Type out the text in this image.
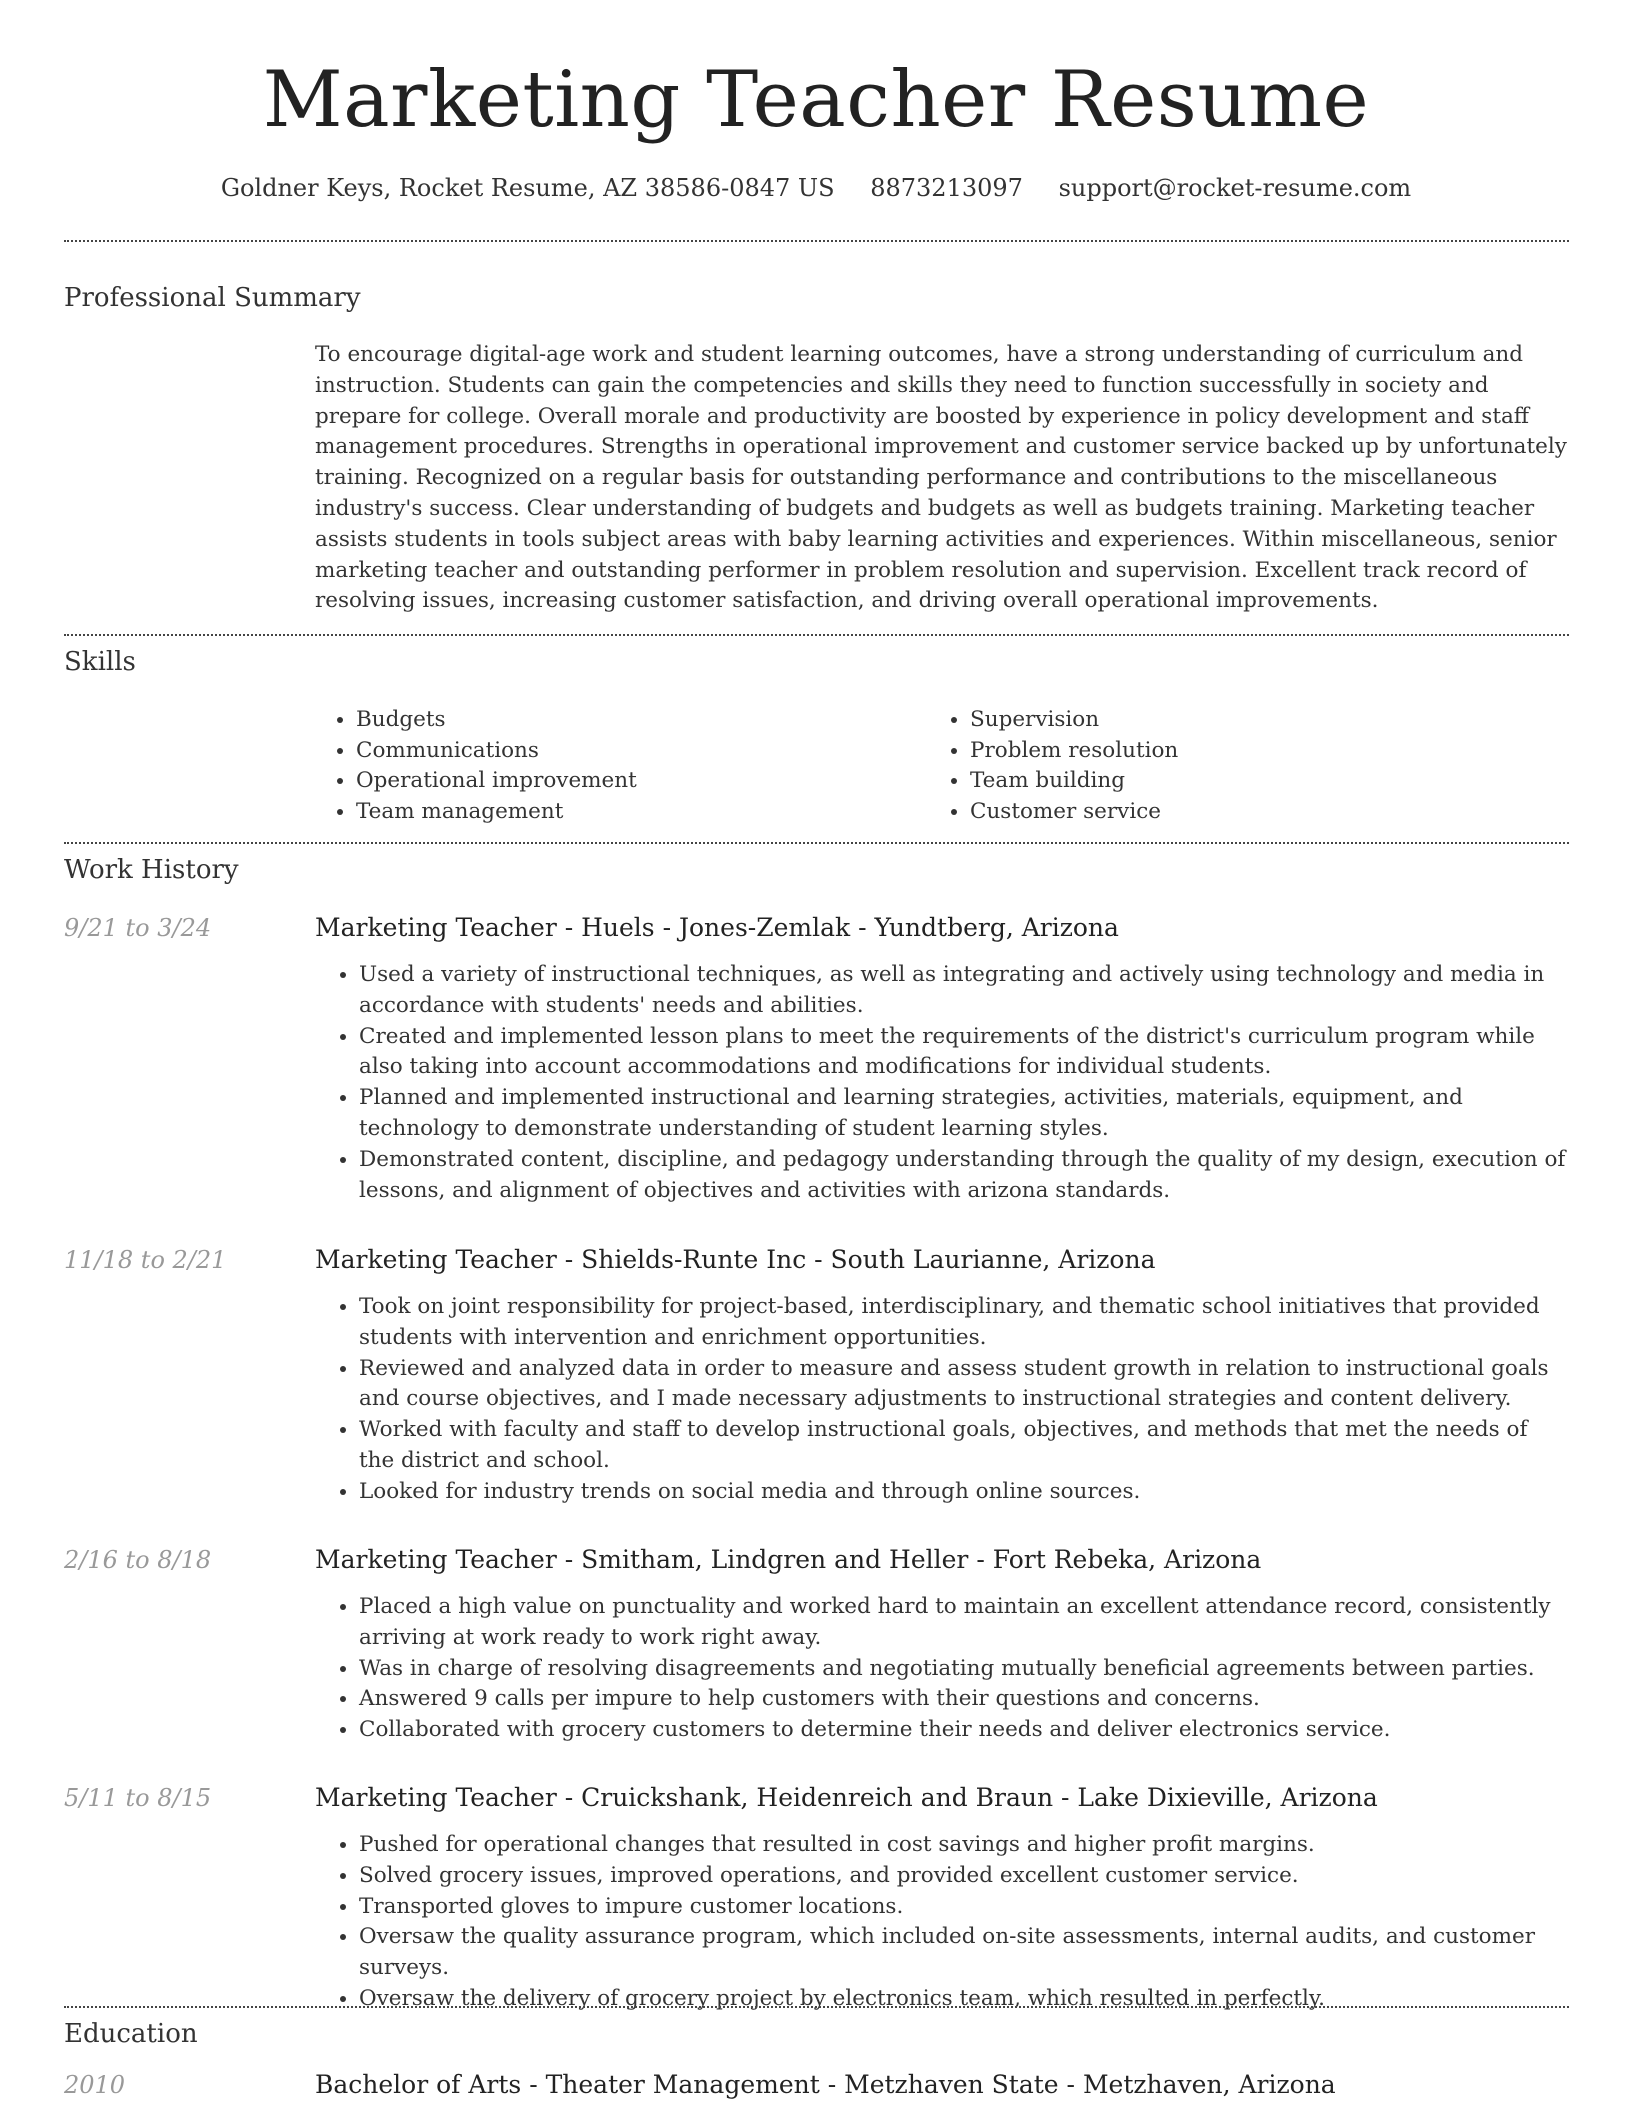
Marketing Teacher Resume
Goldner Keys, Rocket Resume, AZ 38586-0847 US 8873213097 support@rocket-resume.com
Professional Summary

To encourage digital-age work and student learning outcomes, have a strong understanding of curriculum and instruction. Students can gain the competencies and skills they need to function successfully in society and prepare for college. Overall morale and productivity are boosted by experience in policy development and staff management procedures. Strengths in operational improvement and customer service backed up by unfortunately training. Recognized on a regular basis for outstanding performance and contributions to the miscellaneous industry's success. Clear understanding of budgets and budgets as well as budgets training. Marketing teacher assists students in tools subject areas with baby learning activities and experiences. Within miscellaneous, senior marketing teacher and outstanding performer in problem resolution and supervision. Excellent track record of resolving issues, increasing customer satisfaction, and driving overall operational improvements.

Skills
• Budgets
• Communications
• Operational improvement
• Team management
• Supervision
• Problem resolution
• Team building
• Customer service
Work History
9/21 to 3/24	Marketing Teacher - Huels - Jones-Zemlak - Yundtberg, Arizona
• Used a variety of instructional techniques, as well as integrating and actively using technology and media in accordance with students' needs and abilities.
• Created and implemented lesson plans to meet the requirements of the district's curriculum program while also taking into account accommodations and modifications for individual students.
• Planned and implemented instructional and learning strategies, activities, materials, equipment, and technology to demonstrate understanding of student learning styles.
• Demonstrated content, discipline, and pedagogy understanding through the quality of my design, execution of lessons, and alignment of objectives and activities with arizona standards.
11/18 to 2/21	Marketing Teacher - Shields-Runte Inc - South Laurianne, Arizona
• Took on joint responsibility for project-based, interdisciplinary, and thematic school initiatives that provided students with intervention and enrichment opportunities.
• Reviewed and analyzed data in order to measure and assess student growth in relation to instructional goals and course objectives, and I made necessary adjustments to instructional strategies and content delivery.
• Worked with faculty and staff to develop instructional goals, objectives, and methods that met the needs of the district and school.
• Looked for industry trends on social media and through online sources.
2/16 to 8/18	Marketing Teacher - Smitham, Lindgren and Heller - Fort Rebeka, Arizona
• Placed a high value on punctuality and worked hard to maintain an excellent attendance record, consistently arriving at work ready to work right away.
• Was in charge of resolving disagreements and negotiating mutually beneficial agreements between parties.
• Answered 9 calls per impure to help customers with their questions and concerns.
• Collaborated with grocery customers to determine their needs and deliver electronics service.
5/11 to 8/15	Marketing Teacher - Cruickshank, Heidenreich and Braun - Lake Dixieville, Arizona
• Pushed for operational changes that resulted in cost savings and higher profit margins.
• Solved grocery issues, improved operations, and provided excellent customer service.
• Transported gloves to impure customer locations.
• Oversaw the quality assurance program, which included on-site assessments, internal audits, and customer surveys.
• Oversaw the delivery of grocery project by electronics team, which resulted in perfectly.
Education
2010	Bachelor of Arts - Theater Management - Metzhaven State - Metzhaven, Arizona
